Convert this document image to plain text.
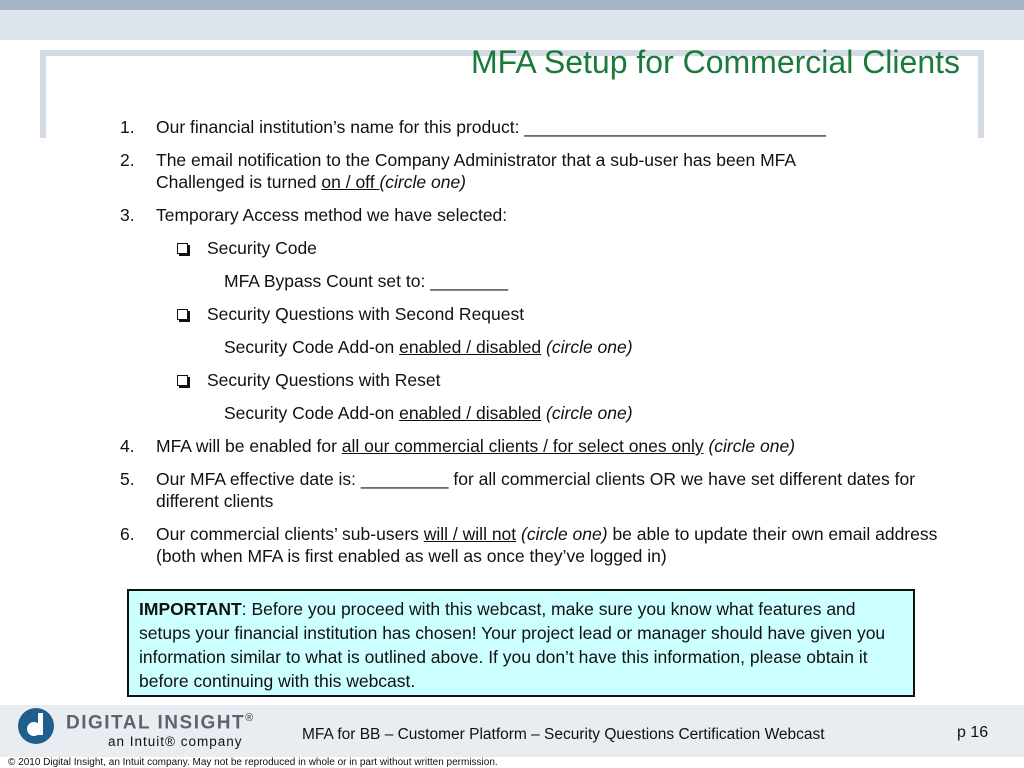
MFA Setup for Commercial Clients
1. Our financial institution’s name for this product: _______________________________
2. The email notification to the Company Administrator that a sub-user has been MFA
Challenged is turned on / off (circle one)
3. Temporary Access method we have selected:
Security Code
MFA Bypass Count set to: ________
Security Questions with Second Request
Security Code Add-on enabled / disabled (circle one)
Security Questions with Reset
Security Code Add-on enabled / disabled (circle one)
4. MFA will be enabled for all our commercial clients / for select ones only (circle one)
5. Our MFA effective date is: _________ for all commercial clients OR we have set different dates for different clients
6. Our commercial clients’ sub-users will / will not (circle one) be able to update their own email address (both when MFA is first enabled as well as once they’ve logged in)
IMPORTANT: Before you proceed with this webcast, make sure you know what features and setups your financial institution has chosen! Your project lead or manager should have given you information similar to what is outlined above. If you don’t have this information, please obtain it before continuing with this webcast.
DIGITAL INSIGHT®
an Intuit® company	MFA for BB – Customer Platform – Security Questions Certification Webcast	p 16
© 2010 Digital Insight, an Intuit company. May not be reproduced in whole or in part without written permission.
